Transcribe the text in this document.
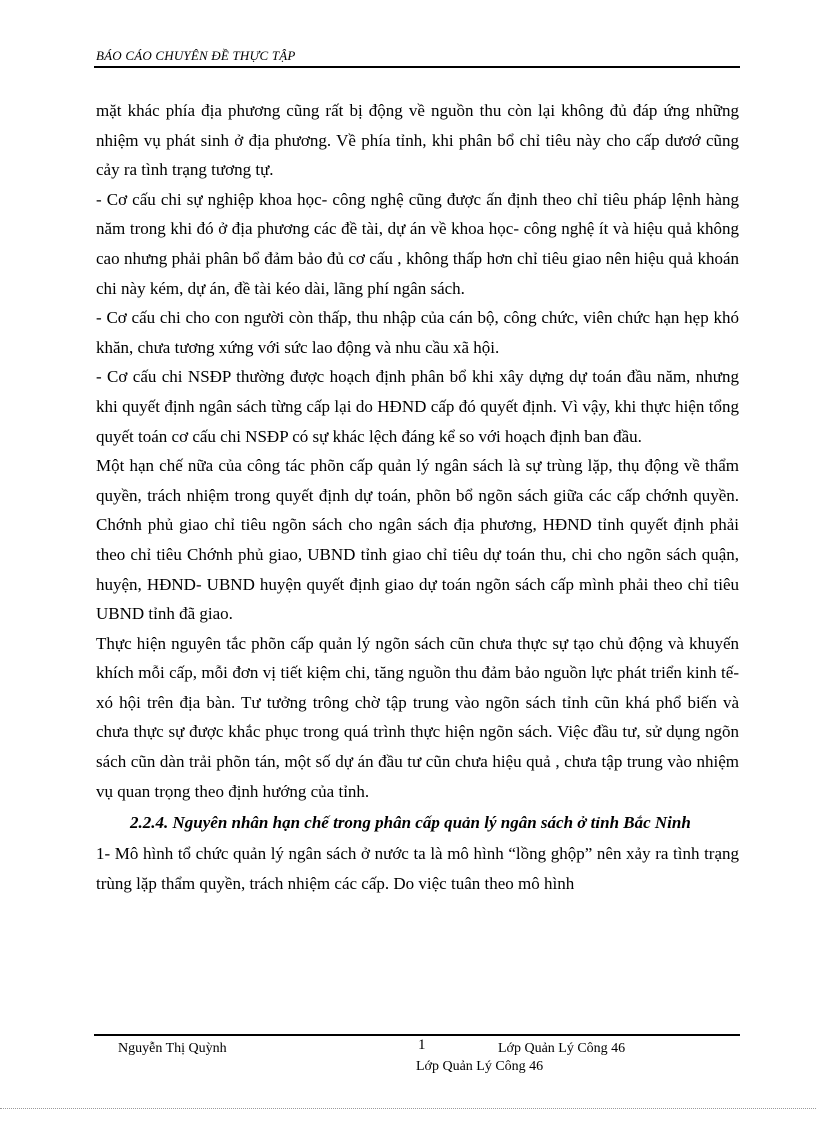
BÁO CÁO CHUYÊN ĐỀ THỰC TẬP

mặt khác phía địa phương cũng rất bị động về nguồn thu còn lại không đủ đáp ứng những nhiệm vụ phát sinh ở địa phương. Về phía tỉnh, khi phân bổ chỉ tiêu này cho cấp dươớ cũng cảy ra tình trạng tương tự.

- Cơ cấu chi sự nghiệp khoa học- công nghệ cũng được ấn định theo chỉ tiêu pháp lệnh hàng năm trong khi đó ở địa phương các đề tài, dự án về khoa học- công nghệ ít và hiệu quả không cao nhưng phải phân bổ đảm bảo đủ cơ cấu , không thấp hơn chỉ tiêu giao nên hiệu quả khoán chi này kém, dự án, đề tài kéo dài, lãng phí ngân sách.

- Cơ cấu chi cho con người còn thấp, thu nhập của cán bộ, công chức, viên chức hạn hẹp khó khăn, chưa tương xứng với sức lao động và nhu cầu xã hội.

- Cơ cấu chi NSĐP thường được hoạch định phân bổ khi xây dựng dự toán đầu năm, nhưng khi quyết định ngân sách từng cấp lại do HĐND cấp đó quyết định. Vì vậy, khi thực hiện tổng quyết toán cơ cấu chi NSĐP có sự khác lệch đáng kể so với hoạch định ban đầu.

Một hạn chế nữa của công tác phõn cấp quản lý ngân sách là sự trùng lặp, thụ động về thẩm quyền, trách nhiệm trong quyết định dự toán, phõn bổ ngõn sách giữa các cấp chớnh quyền. Chớnh phủ giao chỉ tiêu ngõn sách cho ngân sách địa phương, HĐND tỉnh quyết định phải theo chỉ tiêu Chớnh phủ giao, UBND tỉnh giao chỉ tiêu dự toán thu, chi cho ngõn sách quận, huyện, HĐND- UBND huyện quyết định giao dự toán ngõn sách cấp mình phải theo chỉ tiêu UBND tỉnh đã giao.

Thực hiện nguyên tắc phõn cấp quản lý ngõn sách cũn chưa thực sự tạo chủ động và khuyến khích mỗi cấp, mỗi đơn vị tiết kiệm chi, tăng nguồn thu đảm bảo nguồn lực phát triển kinh tế- xó hội trên địa bàn. Tư tưởng trông chờ tập trung vào ngõn sách tỉnh cũn khá phổ biến và chưa thực sự được khắc phục trong quá trình thực hiện ngõn sách. Việc đầu tư, sử dụng ngõn sách cũn dàn trải phõn tán, một số dự án đầu tư cũn chưa hiệu quả , chưa tập trung vào nhiệm vụ quan trọng theo định hướng của tỉnh.

2.2.4. Nguyên nhân hạn chế trong phân cấp quản lý ngân sách ở tỉnh Bắc Ninh

1- Mô hình tổ chức quản lý ngân sách ở nước ta là mô hình “lồng ghộp” nên xảy ra tình trạng trùng lặp thẩm quyền, trách nhiệm các cấp. Do việc tuân theo mô hình

Nguyễn Thị Quỳnh	1	Lớp Quản Lý Công 46
Lớp Quản Lý Công 46
